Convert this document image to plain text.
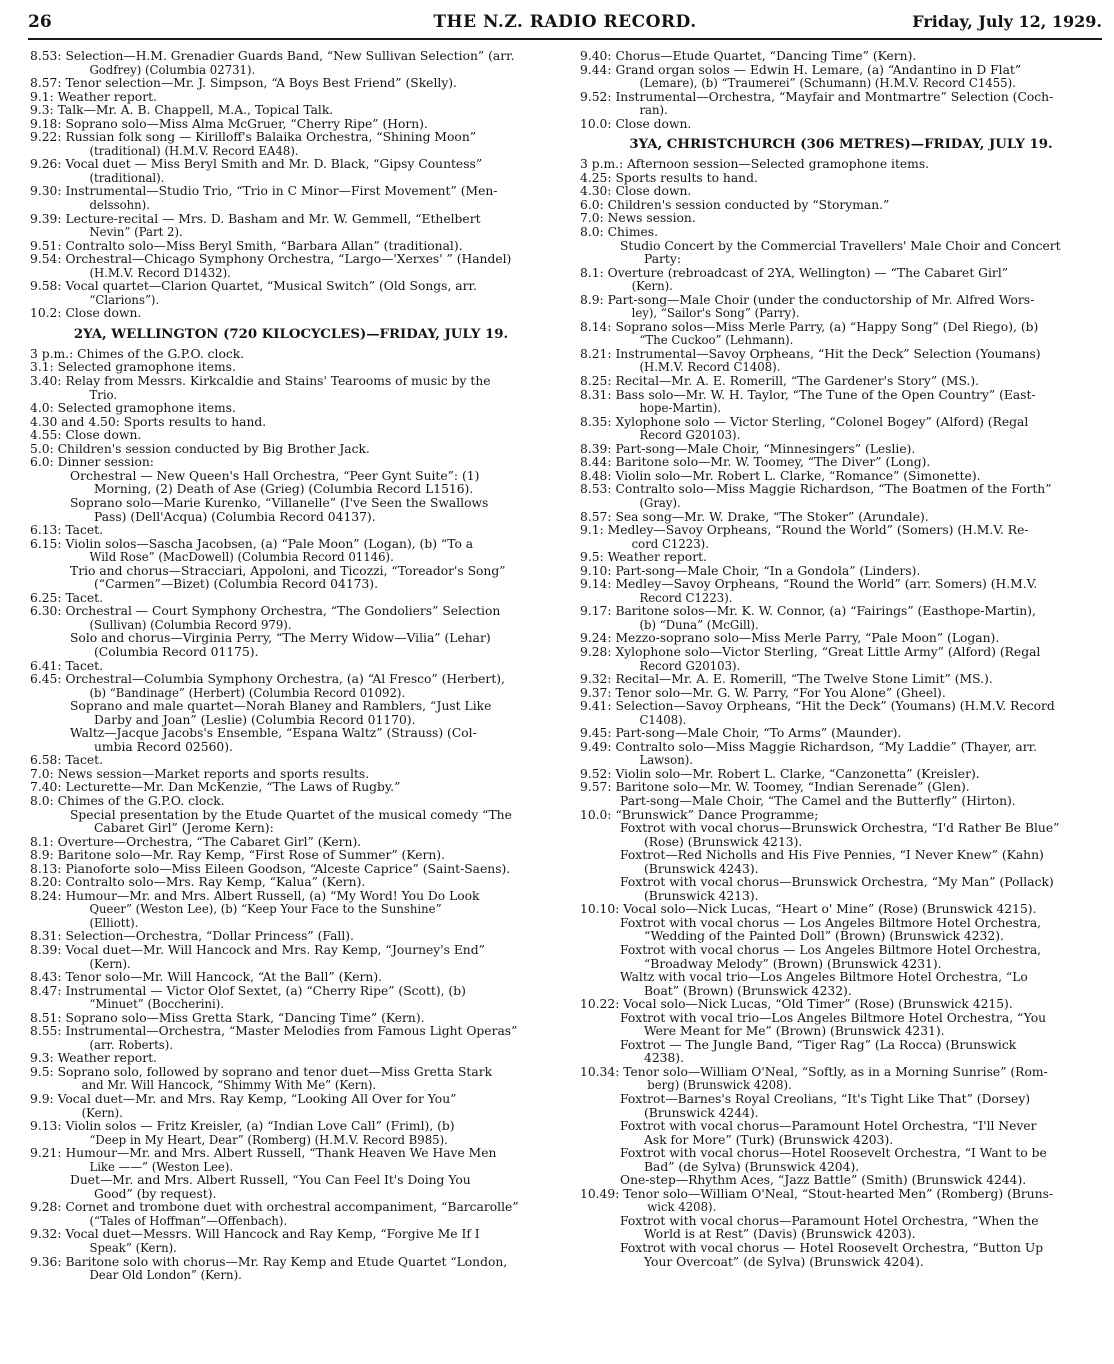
26	THE N.Z. RADIO RECORD.	Friday, July 12, 1929.
8.53: Selection—H.M. Grenadier Guards Band, “New Sullivan Selection” (arr.
Godfrey) (Columbia 02731).
8.57: Tenor selection—Mr. J. Simpson, “A Boys Best Friend” (Skelly).
9.1: Weather report.
9.3: Talk—Mr. A. B. Chappell, M.A., Topical Talk.
9.18: Soprano solo—Miss Alma McGruer, “Cherry Ripe” (Horn).
9.22: Russian folk song — Kirilloff's Balaika Orchestra, “Shining Moon”
(traditional) (H.M.V. Record EA48).
9.26: Vocal duet — Miss Beryl Smith and Mr. D. Black, “Gipsy Countess”
(traditional).
9.30: Instrumental—Studio Trio, “Trio in C Minor—First Movement” (Men-
delssohn).
9.39: Lecture-recital — Mrs. D. Basham and Mr. W. Gemmell, “Ethelbert
Nevin” (Part 2).
9.51: Contralto solo—Miss Beryl Smith, “Barbara Allan” (traditional).
9.54: Orchestral—Chicago Symphony Orchestra, “Largo—'Xerxes' ” (Handel)
(H.M.V. Record D1432).
9.58: Vocal quartet—Clarion Quartet, “Musical Switch” (Old Songs, arr.
“Clarions”).
10.2: Close down.
2YA, WELLINGTON (720 KILOCYCLES)—FRIDAY, JULY 19.
3 p.m.: Chimes of the G.P.O. clock.
3.1: Selected gramophone items.
3.40: Relay from Messrs. Kirkcaldie and Stains' Tearooms of music by the
Trio.
4.0: Selected gramophone items.
4.30 and 4.50: Sports results to hand.
4.55: Close down.
5.0: Children's session conducted by Big Brother Jack.
6.0: Dinner session:
Orchestral — New Queen's Hall Orchestra, “Peer Gynt Suite”: (1)
Morning, (2) Death of Ase (Grieg) (Columbia Record L1516).
Soprano solo—Marie Kurenko, “Villanelle” (I've Seen the Swallows
Pass) (Dell'Acqua) (Columbia Record 04137).
6.13: Tacet.
6.15: Violin solos—Sascha Jacobsen, (a) “Pale Moon” (Logan), (b) “To a
Wild Rose” (MacDowell) (Columbia Record 01146).
Trio and chorus—Stracciari, Appoloni, and Ticozzi, “Toreador's Song”
(“Carmen”—Bizet) (Columbia Record 04173).
6.25: Tacet.
6.30: Orchestral — Court Symphony Orchestra, “The Gondoliers” Selection
(Sullivan) (Columbia Record 979).
Solo and chorus—Virginia Perry, “The Merry Widow—Vilia” (Lehar)
(Columbia Record 01175).
6.41: Tacet.
6.45: Orchestral—Columbia Symphony Orchestra, (a) “Al Fresco” (Herbert),
(b) “Bandinage” (Herbert) (Columbia Record 01092).
Soprano and male quartet—Norah Blaney and Ramblers, “Just Like
Darby and Joan” (Leslie) (Columbia Record 01170).
Waltz—Jacque Jacobs's Ensemble, “Espana Waltz” (Strauss) (Col-
umbia Record 02560).
6.58: Tacet.
7.0: News session—Market reports and sports results.
7.40: Lecturette—Mr. Dan McKenzie, “The Laws of Rugby.”
8.0: Chimes of the G.P.O. clock.
Special presentation by the Etude Quartet of the musical comedy “The
Cabaret Girl” (Jerome Kern):
8.1: Overture—Orchestra, “The Cabaret Girl” (Kern).
8.9: Baritone solo—Mr. Ray Kemp, “First Rose of Summer” (Kern).
8.13: Pianoforte solo—Miss Eileen Goodson, “Alceste Caprice” (Saint-Saens).
8.20: Contralto solo—Mrs. Ray Kemp, “Kalua” (Kern).
8.24: Humour—Mr. and Mrs. Albert Russell, (a) “My Word! You Do Look
Queer” (Weston Lee), (b) “Keep Your Face to the Sunshine”
(Elliott).
8.31: Selection—Orchestra, “Dollar Princess” (Fall).
8.39: Vocal duet—Mr. Will Hancock and Mrs. Ray Kemp, “Journey's End”
(Kern).
8.43: Tenor solo—Mr. Will Hancock, “At the Ball” (Kern).
8.47: Instrumental — Victor Olof Sextet, (a) “Cherry Ripe” (Scott), (b)
“Minuet” (Boccherini).
8.51: Soprano solo—Miss Gretta Stark, “Dancing Time” (Kern).
8.55: Instrumental—Orchestra, “Master Melodies from Famous Light Operas”
(arr. Roberts).
9.3: Weather report.
9.5: Soprano solo, followed by soprano and tenor duet—Miss Gretta Stark
and Mr. Will Hancock, “Shimmy With Me” (Kern).
9.9: Vocal duet—Mr. and Mrs. Ray Kemp, “Looking All Over for You”
(Kern).
9.13: Violin solos — Fritz Kreisler, (a) “Indian Love Call” (Friml), (b)
“Deep in My Heart, Dear” (Romberg) (H.M.V. Record B985).
9.21: Humour—Mr. and Mrs. Albert Russell, “Thank Heaven We Have Men
Like ——” (Weston Lee).
Duet—Mr. and Mrs. Albert Russell, “You Can Feel It's Doing You
Good” (by request).
9.28: Cornet and trombone duet with orchestral accompaniment, “Barcarolle”
(“Tales of Hoffman”—Offenbach).
9.32: Vocal duet—Messrs. Will Hancock and Ray Kemp, “Forgive Me If I
Speak” (Kern).
9.36: Baritone solo with chorus—Mr. Ray Kemp and Etude Quartet “London,
Dear Old London” (Kern).
9.40: Chorus—Etude Quartet, “Dancing Time” (Kern).
9.44: Grand organ solos — Edwin H. Lemare, (a) “Andantino in D Flat”
(Lemare), (b) “Traumerei” (Schumann) (H.M.V. Record C1455).
9.52: Instrumental—Orchestra, “Mayfair and Montmartre” Selection (Coch-
ran).
10.0: Close down.
3YA, CHRISTCHURCH (306 METRES)—FRIDAY, JULY 19.
3 p.m.: Afternoon session—Selected gramophone items.
4.25: Sports results to hand.
4.30: Close down.
6.0: Children's session conducted by “Storyman.”
7.0: News session.
8.0: Chimes.
Studio Concert by the Commercial Travellers' Male Choir and Concert
Party:
8.1: Overture (rebroadcast of 2YA, Wellington) — “The Cabaret Girl”
(Kern).
8.9: Part-song—Male Choir (under the conductorship of Mr. Alfred Wors-
ley), “Sailor's Song” (Parry).
8.14: Soprano solos—Miss Merle Parry, (a) “Happy Song” (Del Riego), (b)
“The Cuckoo” (Lehmann).
8.21: Instrumental—Savoy Orpheans, “Hit the Deck” Selection (Youmans)
(H.M.V. Record C1408).
8.25: Recital—Mr. A. E. Romerill, “The Gardener's Story” (MS.).
8.31: Bass solo—Mr. W. H. Taylor, “The Tune of the Open Country” (East-
hope-Martin).
8.35: Xylophone solo — Victor Sterling, “Colonel Bogey” (Alford) (Regal
Record G20103).
8.39: Part-song—Male Choir, “Minnesingers” (Leslie).
8.44: Baritone solo—Mr. W. Toomey, “The Diver” (Long).
8.48: Violin solo—Mr. Robert L. Clarke, “Romance” (Simonette).
8.53: Contralto solo—Miss Maggie Richardson, “The Boatmen of the Forth”
(Gray).
8.57: Sea song—Mr. W. Drake, “The Stoker” (Arundale).
9.1: Medley—Savoy Orpheans, “Round the World” (Somers) (H.M.V. Re-
cord C1223).
9.5: Weather report.
9.10: Part-song—Male Choir, “In a Gondola” (Linders).
9.14: Medley—Savoy Orpheans, “Round the World” (arr. Somers) (H.M.V.
Record C1223).
9.17: Baritone solos—Mr. K. W. Connor, (a) “Fairings” (Easthope-Martin),
(b) “Duna” (McGill).
9.24: Mezzo-soprano solo—Miss Merle Parry, “Pale Moon” (Logan).
9.28: Xylophone solo—Victor Sterling, “Great Little Army” (Alford) (Regal
Record G20103).
9.32: Recital—Mr. A. E. Romerill, “The Twelve Stone Limit” (MS.).
9.37: Tenor solo—Mr. G. W. Parry, “For You Alone” (Gheel).
9.41: Selection—Savoy Orpheans, “Hit the Deck” (Youmans) (H.M.V. Record
C1408).
9.45: Part-song—Male Choir, “To Arms” (Maunder).
9.49: Contralto solo—Miss Maggie Richardson, “My Laddie” (Thayer, arr.
Lawson).
9.52: Violin solo—Mr. Robert L. Clarke, “Canzonetta” (Kreisler).
9.57: Baritone solo—Mr. W. Toomey, “Indian Serenade” (Glen).
Part-song—Male Choir, “The Camel and the Butterfly” (Hirton).
10.0: “Brunswick” Dance Programme;
Foxtrot with vocal chorus—Brunswick Orchestra, “I'd Rather Be Blue”
(Rose) (Brunswick 4213).
Foxtrot—Red Nicholls and His Five Pennies, “I Never Knew” (Kahn)
(Brunswick 4243).
Foxtrot with vocal chorus—Brunswick Orchestra, “My Man” (Pollack)
(Brunswick 4213).
10.10: Vocal solo—Nick Lucas, “Heart o' Mine” (Rose) (Brunswick 4215).
Foxtrot with vocal chorus — Los Angeles Biltmore Hotel Orchestra,
“Wedding of the Painted Doll” (Brown) (Brunswick 4232).
Foxtrot with vocal chorus — Los Angeles Biltmore Hotel Orchestra,
“Broadway Melody” (Brown) (Brunswick 4231).
Waltz with vocal trio—Los Angeles Biltmore Hotel Orchestra, “Lo
Boat” (Brown) (Brunswick 4232).
10.22: Vocal solo—Nick Lucas, “Old Timer” (Rose) (Brunswick 4215).
Foxtrot with vocal trio—Los Angeles Biltmore Hotel Orchestra, “You
Were Meant for Me” (Brown) (Brunswick 4231).
Foxtrot — The Jungle Band, “Tiger Rag” (La Rocca) (Brunswick
4238).
10.34: Tenor solo—William O'Neal, “Softly, as in a Morning Sunrise” (Rom-
berg) (Brunswick 4208).
Foxtrot—Barnes's Royal Creolians, “It's Tight Like That” (Dorsey)
(Brunswick 4244).
Foxtrot with vocal chorus—Paramount Hotel Orchestra, “I'll Never
Ask for More” (Turk) (Brunswick 4203).
Foxtrot with vocal chorus—Hotel Roosevelt Orchestra, “I Want to be
Bad” (de Sylva) (Brunswick 4204).
One-step—Rhythm Aces, “Jazz Battle” (Smith) (Brunswick 4244).
10.49: Tenor solo—William O'Neal, “Stout-hearted Men” (Romberg) (Bruns-
wick 4208).
Foxtrot with vocal chorus—Paramount Hotel Orchestra, “When the
World is at Rest” (Davis) (Brunswick 4203).
Foxtrot with vocal chorus — Hotel Roosevelt Orchestra, “Button Up
Your Overcoat” (de Sylva) (Brunswick 4204).
